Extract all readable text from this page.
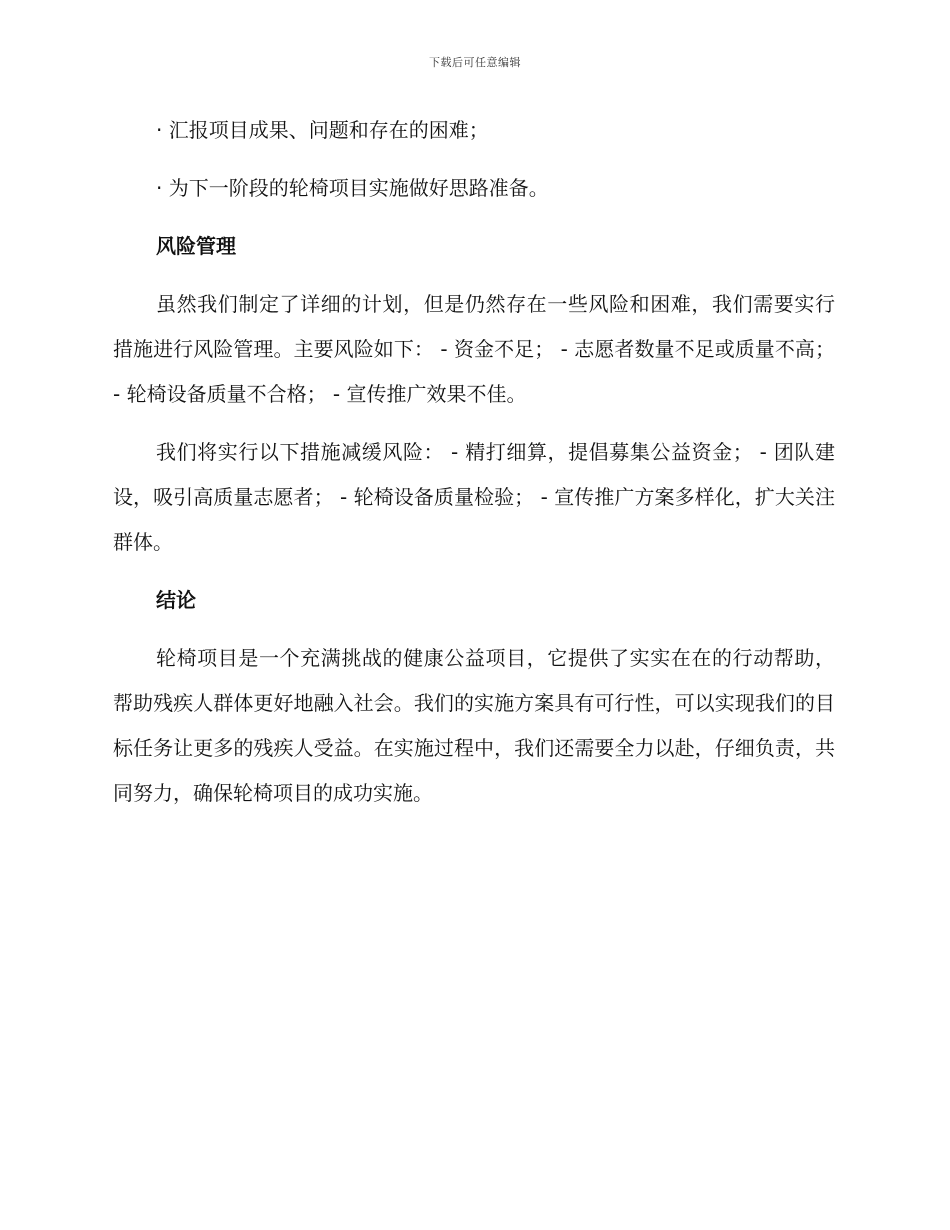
下载后可任意编辑

· 汇报项目成果、问题和存在的困难；

· 为下一阶段的轮椅项目实施做好思路准备。

风险管理

虽然我们制定了详细的计划，但是仍然存在一些风险和困难，我们需要实行措施进行风险管理。主要风险如下： - 资金不足； - 志愿者数量不足或质量不高； - 轮椅设备质量不合格； - 宣传推广效果不佳。

我们将实行以下措施减缓风险： - 精打细算，提倡募集公益资金； - 团队建设，吸引高质量志愿者； - 轮椅设备质量检验； - 宣传推广方案多样化，扩大关注群体。

结论

轮椅项目是一个充满挑战的健康公益项目，它提供了实实在在的行动帮助，帮助残疾人群体更好地融入社会。我们的实施方案具有可行性，可以实现我们的目标任务让更多的残疾人受益。在实施过程中，我们还需要全力以赴，仔细负责，共同努力，确保轮椅项目的成功实施。
